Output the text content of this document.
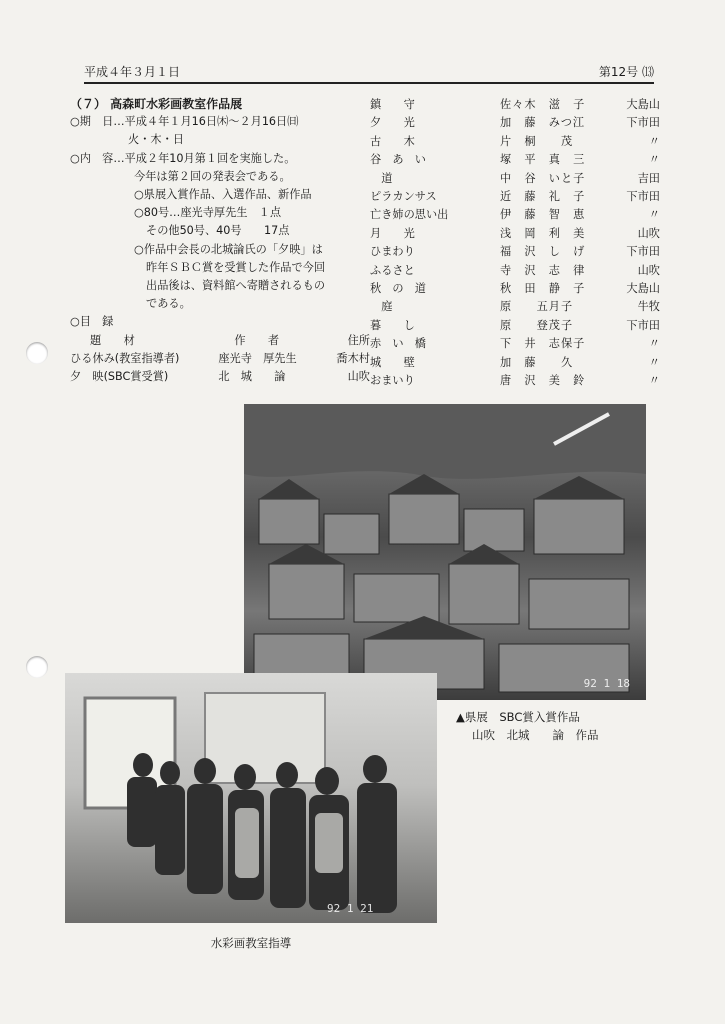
平成４年３月１日	第12号 ⒀
（７） 高森町水彩画教室作品展
○期　日…平成４年１月16日㈭〜２月16日㈰
火・木・日
○内　容…平成２年10月第１回を実施した。
今年は第２回の発表会である。
○県展入賞作品、入選作品、新作品
○80号…座光寺厚先生　１点
その他50号、40号　　17点
○作品中会長の北城論氏の「夕映」は
昨年ＳＢＣ賞を受賞した作品で今回
出品後は、資料館へ寄贈されるもの
である。
○目　録
題　　材	作　　者	住所
ひる休み(教室指導者)	座光寺　厚先生	喬木村
夕　映(SBC賞受賞)	北　城　　論	山吹
鎮　　守	佐々木　滋　子	大島山
夕　　光	加　藤　みつ江	下市田
古　　木	片　桐　　茂	〃
谷　あ　い	塚　平　真　三	〃
　道	中　谷　いと子	吉田
ピラカンサス	近　藤　礼　子	下市田
亡き姉の思い出	伊　藤　智　恵	〃
月　　光	浅　岡　利　美	山吹
ひまわり	福　沢　し　げ	下市田
ふるさと	寺　沢　志　律	山吹
秋　の　道	秋　田　静　子	大島山
　庭	原　　五月子	牛牧
暮　　し	原　　登茂子	下市田
赤　い　橋	下　井　志保子	〃
城　　壁	加　藤　　久	〃
おまいり	唐　沢　美　鈴	〃
92 1 18
▲県展　SBC賞入賞作品
山吹　北城　　論　作品
92 1 21
水彩画教室指導
